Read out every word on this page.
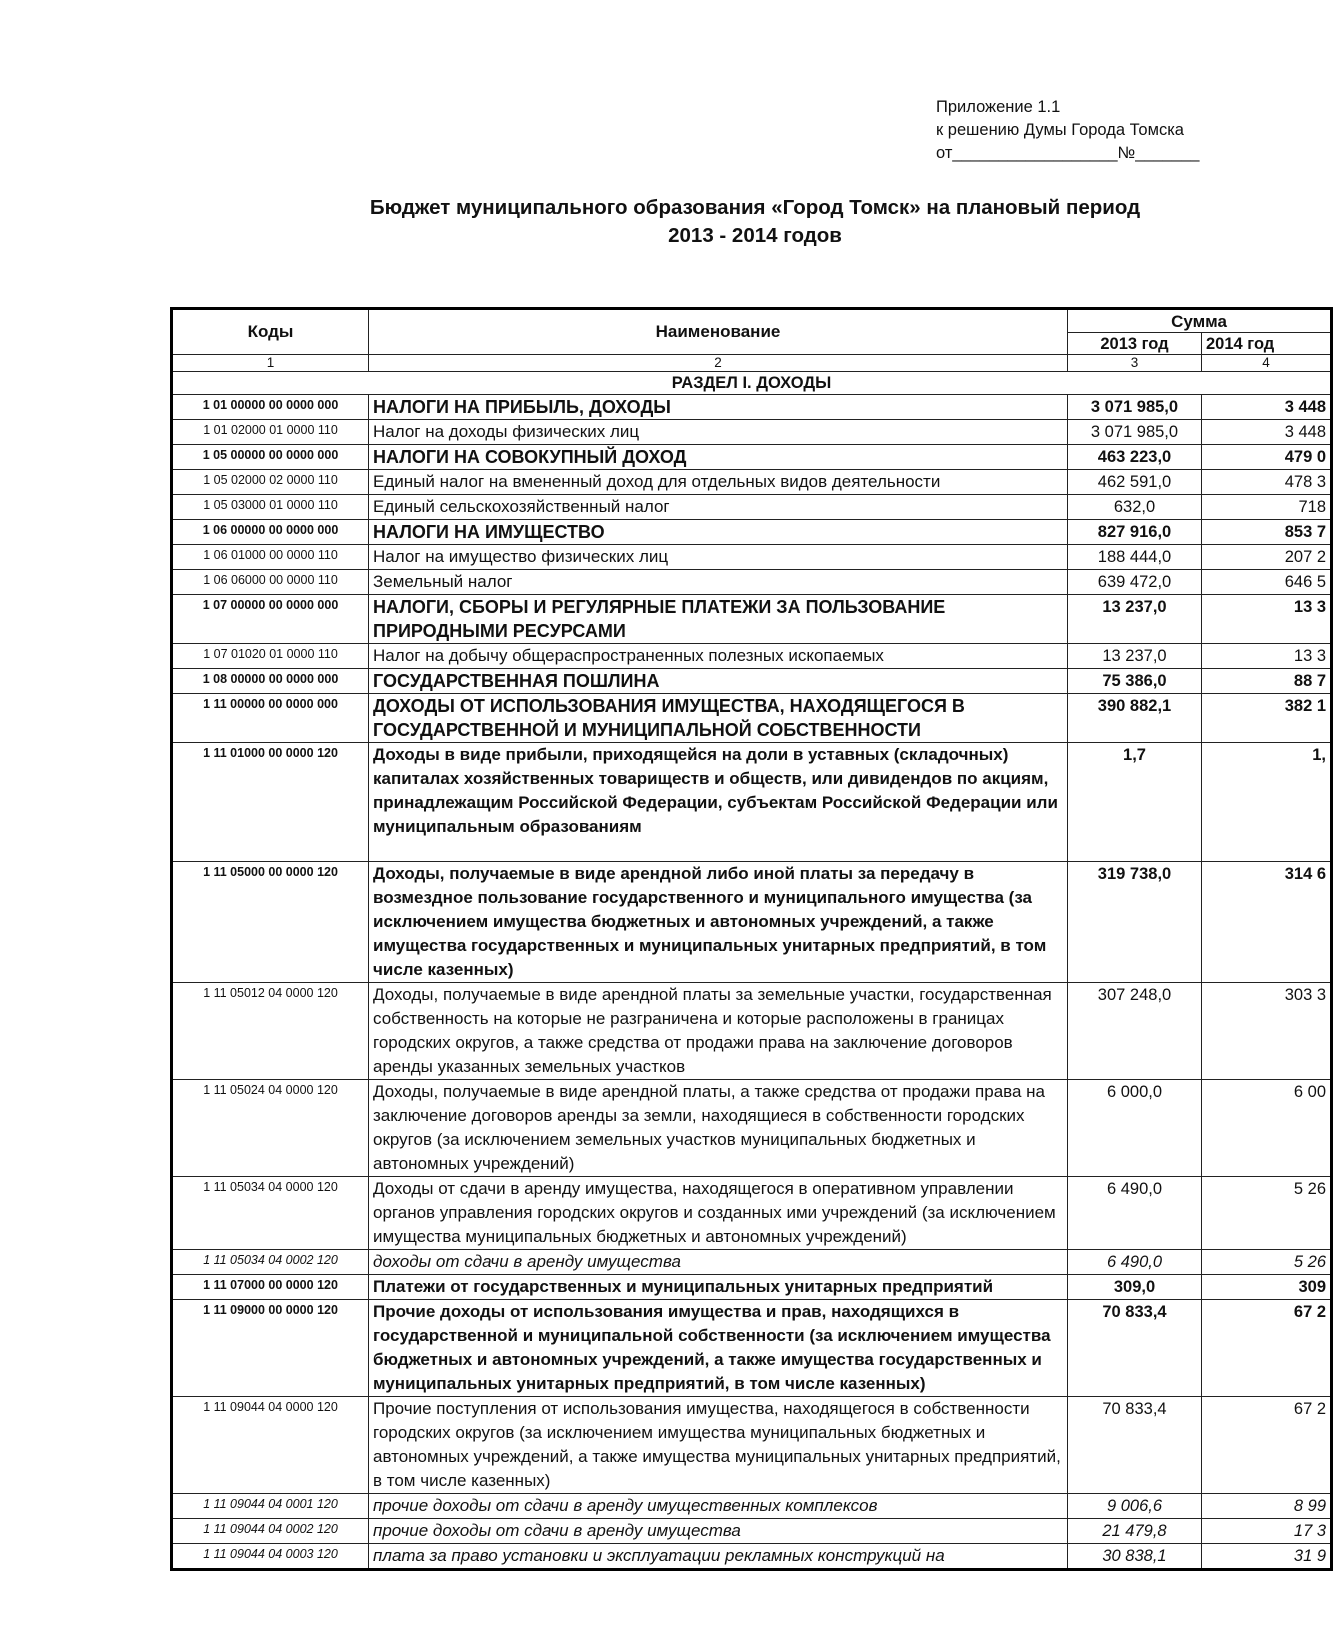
Приложение 1.1
к решению Думы Города Томска
от__________________№_______
Бюджет муниципального образования «Город Томск» на плановый период
2013 - 2014 годов
Коды	Наименование	Сумма	
		2013 год	2014 год
1	2	3	4
РАЗДЕЛ I. ДОХОДЫ			
1 01 00000 00 0000 000	НАЛОГИ НА ПРИБЫЛЬ, ДОХОДЫ	3 071 985,0	3 448
1 01 02000 01 0000 110	Налог на доходы физических лиц	3 071 985,0	3 448
1 05 00000 00 0000 000	НАЛОГИ НА СОВОКУПНЫЙ ДОХОД	463 223,0	479 0
1 05 02000 02 0000 110	Единый налог на вмененный доход для отдельных видов деятельности	462 591,0	478 3
1 05 03000 01 0000 110	Единый сельскохозяйственный налог	632,0	718
1 06 00000 00 0000 000	НАЛОГИ НА ИМУЩЕСТВО	827 916,0	853 7
1 06 01000 00 0000 110	Налог на имущество физических лиц	188 444,0	207 2
1 06 06000 00 0000 110	Земельный налог	639 472,0	646 5
1 07 00000 00 0000 000	НАЛОГИ, СБОРЫ И РЕГУЛЯРНЫЕ ПЛАТЕЖИ ЗА ПОЛЬЗОВАНИЕ ПРИРОДНЫМИ РЕСУРСАМИ	13 237,0	13 3
1 07 01020 01 0000 110	Налог на добычу общераспространенных полезных ископаемых	13 237,0	13 3
1 08 00000 00 0000 000	ГОСУДАРСТВЕННАЯ ПОШЛИНА	75 386,0	88 7
1 11 00000 00 0000 000	ДОХОДЫ ОТ ИСПОЛЬЗОВАНИЯ ИМУЩЕСТВА, НАХОДЯЩЕГОСЯ В ГОСУДАРСТВЕННОЙ И МУНИЦИПАЛЬНОЙ СОБСТВЕННОСТИ	390 882,1	382 1
1 11 01000 00 0000 120	Доходы в виде прибыли, приходящейся на доли в уставных (складочных) капиталах хозяйственных товариществ и обществ, или дивидендов по акциям, принадлежащим Российской Федерации, субъектам Российской Федерации или муниципальным образованиям	1,7	1,
1 11 05000 00 0000 120	Доходы, получаемые в виде арендной либо иной платы за передачу в возмездное пользование государственного и муниципального имущества (за исключением имущества бюджетных и автономных учреждений, а также имущества государственных и муниципальных унитарных предприятий, в том числе казенных)	319 738,0	314 6
1 11 05012 04 0000 120	Доходы, получаемые в виде арендной платы за земельные участки, государственная собственность на которые не разграничена и которые расположены в границах городских округов, а также средства от продажи права на заключение договоров аренды указанных земельных участков	307 248,0	303 3
1 11 05024 04 0000 120	Доходы, получаемые в виде арендной платы, а также средства от продажи права на заключение договоров аренды за земли, находящиеся в собственности городских округов (за исключением земельных участков муниципальных бюджетных и автономных учреждений)	6 000,0	6 00
1 11 05034 04 0000 120	Доходы от сдачи в аренду имущества, находящегося в оперативном управлении органов управления городских округов и созданных ими учреждений (за исключением имущества муниципальных бюджетных и автономных учреждений)	6 490,0	5 26
1 11 05034 04 0002 120	доходы от сдачи в аренду имущества	6 490,0	5 26
1 11 07000 00 0000 120	Платежи от государственных и муниципальных унитарных предприятий	309,0	309
1 11 09000 00 0000 120	Прочие доходы от использования имущества и прав, находящихся в государственной и муниципальной собственности (за исключением имущества бюджетных и автономных учреждений, а также имущества государственных и муниципальных унитарных предприятий, в том числе казенных)	70 833,4	67 2
1 11 09044 04 0000 120	Прочие поступления от использования имущества, находящегося в собственности городских округов (за исключением имущества муниципальных бюджетных и автономных учреждений, а также имущества муниципальных унитарных предприятий, в том числе казенных)	70 833,4	67 2
1 11 09044 04 0001 120	прочие доходы от сдачи в аренду имущественных комплексов	9 006,6	8 99
1 11 09044 04 0002 120	прочие доходы от сдачи в аренду имущества	21 479,8	17 3
1 11 09044 04 0003 120	плата за право установки и эксплуатации рекламных конструкций на	30 838,1	31 9
